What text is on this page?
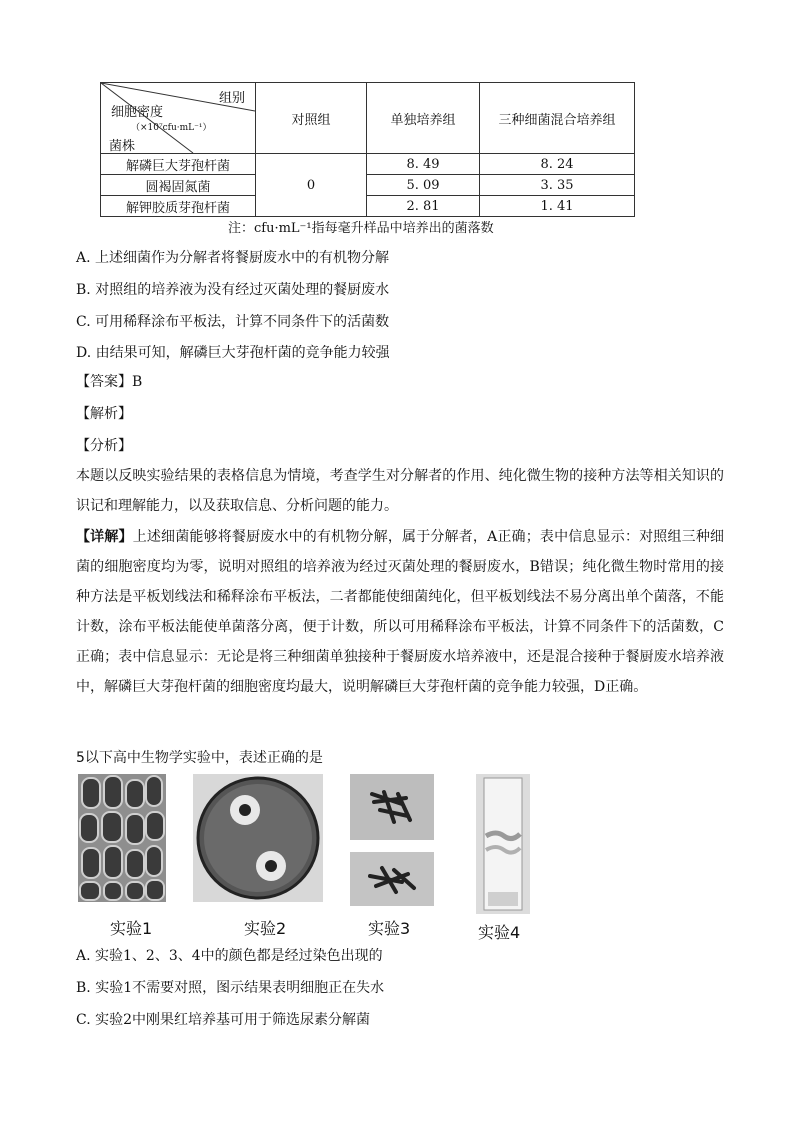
组别
细胞密度
（×10⁷cfu·mL⁻¹）
菌株	对照组	单独培养组	三种细菌混合培养组
解磷巨大芽孢杆菌	0	8. 49	8. 24
圆褐固氮菌		5. 09	3. 35
解钾胶质芽孢杆菌		2. 81	1. 41
注：cfu·mL⁻¹指每毫升样品中培养出的菌落数
A. 上述细菌作为分解者将餐厨废水中的有机物分解
B. 对照组的培养液为没有经过灭菌处理的餐厨废水
C. 可用稀释涂布平板法，计算不同条件下的活菌数
D. 由结果可知，解磷巨大芽孢杆菌的竞争能力较强
【答案】B
【解析】
【分析】
本题以反映实验结果的表格信息为情境，考查学生对分解者的作用、纯化微生物的接种方法等相关知识的识记和理解能力，以及获取信息、分析问题的能力。
【详解】上述细菌能够将餐厨废水中的有机物分解，属于分解者，A正确；表中信息显示：对照组三种细菌的细胞密度均为零，说明对照组的培养液为经过灭菌处理的餐厨废水，B错误；纯化微生物时常用的接种方法是平板划线法和稀释涂布平板法，二者都能使细菌纯化，但平板划线法不易分离出单个菌落，不能计数，涂布平板法能使单菌落分离，便于计数，所以可用稀释涂布平板法，计算不同条件下的活菌数，C正确；表中信息显示：无论是将三种细菌单独接种于餐厨废水培养液中，还是混合接种于餐厨废水培养液中，解磷巨大芽孢杆菌的细胞密度均最大，说明解磷巨大芽孢杆菌的竞争能力较强，D正确。
5以下高中生物学实验中，表述正确的是
实验1	实验2	实验3	实验4
A. 实验1、2、3、4中的颜色都是经过染色出现的
B. 实验1不需要对照，图示结果表明细胞正在失水
C. 实验2中刚果红培养基可用于筛选尿素分解菌
